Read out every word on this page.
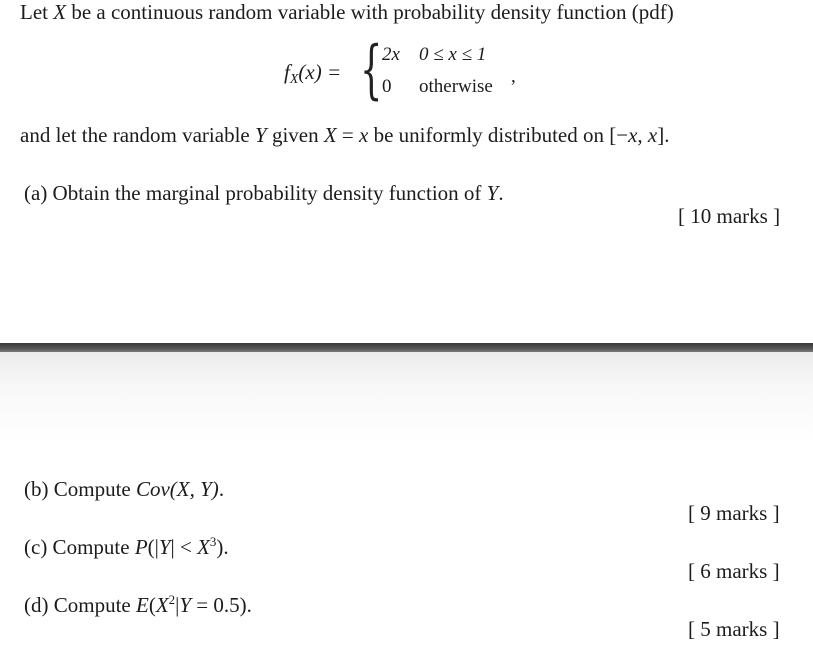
Let X be a continuous random variable with probability density function (pdf)
$f_X(x)$ = { 2x 0 ≤ x ≤ 1
0 otherwise ,
and let the random variable Y given X = x be uniformly distributed on [−x, x].
(a) Obtain the marginal probability density function of Y.
[ 10 marks ]
(b) Compute Cov(X, Y).
[ 9 marks ]
(c) Compute $P(|Y| < X^3)$.
[ 6 marks ]
(d) Compute $E(X^2|Y = 0.5)$.
[ 5 marks ]
